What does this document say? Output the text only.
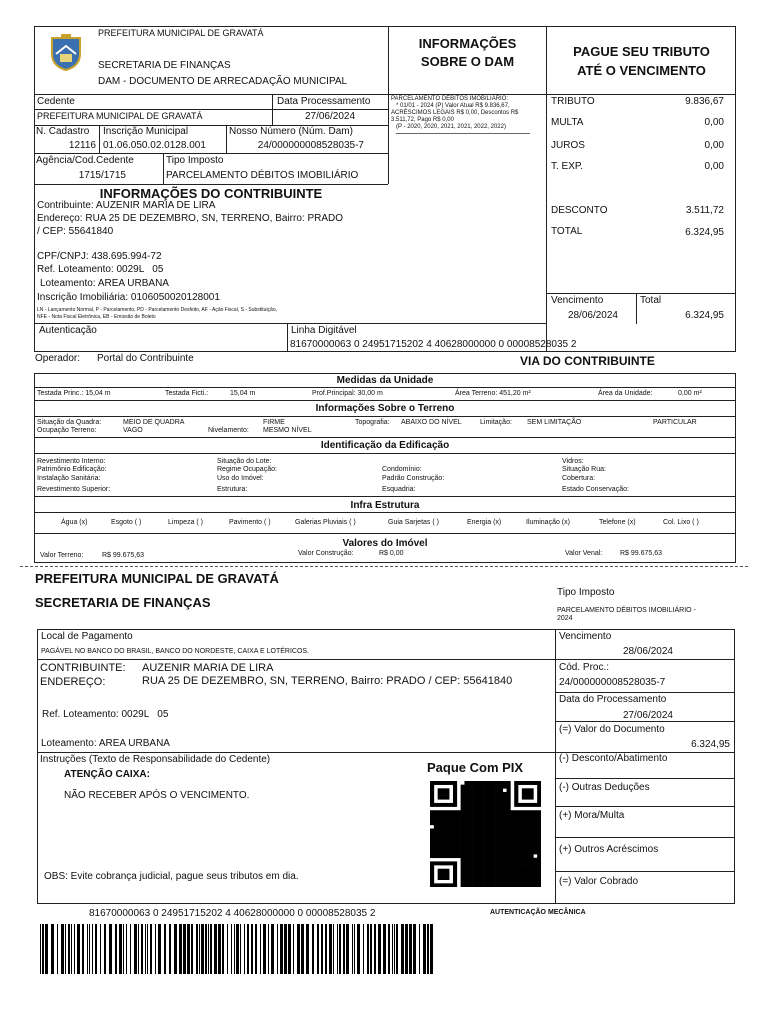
PREFEITURA MUNICIPAL DE GRAVATÁ
SECRETARIA DE FINANÇAS
DAM - DOCUMENTO DE ARRECADAÇÃO MUNICIPAL
INFORMAÇÕES
SOBRE O DAM
PAGUE SEU TRIBUTO
ATÉ O VENCIMENTO
Cedente
PREFEITURA MUNICIPAL DE GRAVATÁ
Data Processamento
27/06/2024
N. Cadastro
12116
Inscrição Municipal
01.06.050.02.0128.001
Nosso Número (Núm. Dam)
24/000000008528035-7
Agência/Cod.Cedente
1715/1715
Tipo Imposto
PARCELAMENTO DÉBITOS IMOBILIÁRIO
PARCELAMENTO DÉBITOS IMOBILIÁRIO:
* 01/01 - 2024 (P) Valor Atual R$ 9.836,67,
ACRÉSCIMOS LEGAIS R$ 0,00, Descontos R$
3.511,72, Pago R$ 0,00
(P - 2020, 2020, 2021, 2021, 2022, 2022)
TRIBUTO	9.836,67
MULTA	0,00
JUROS	0,00
T. EXP.	0,00
DESCONTO	3.511,72
TOTAL	6.324,95
Vencimento
28/06/2024
Total
6.324,95
INFORMAÇÕES DO CONTRIBUINTE
Contribuinte: AUZENIR MARIA DE LIRA
Endereço: RUA 25 DE DEZEMBRO, SN, TERRENO, Bairro: PRADO
/ CEP: 55641840
CPF/CNPJ: 438.695.994-72
Ref. Loteamento: 0029L   05
Loteamento: AREA URBANA
Inscrição Imobiliária: 0106050020128001
LN - Lançamento Normal, P - Parcelamento, PD - Parcelamento Desfeito, AF - Ação Fiscal, S - Substituição,
NFE - Nota Fiscal Eletrônica, EB - Emissão de Boleto
Autenticação	Linha Digitável
81670000063 0 24951715202 4 40628000000 0 00008528035 2
Operador: Portal do Contribuinte	VIA DO CONTRIBUINTE
Medidas da Unidade
Testada Princ.: 15,04 m	Testada Ficti.:	15,04 m	Prof.Principal: 30,00 m	Área Terreno: 451,20 m²	Área da Unidade:	0,00 m²
Informações Sobre o Terreno
Situação da Quadra:	MEIO DE QUADRA
Ocupação Terreno:	VAGO
FIRME
Nivelamento: MESMO NÍVEL
Topografia: ABAIXO DO NÍVEL	Limitação: SEM LIMITAÇÃO	PARTICULAR
Identificação da Edificação
Revestimento Interno:
Patrimônio Edificação:
Instalação Sanitária:
Revestimento Superior:
Situação do Lote:
Regime Ocupação:
Uso do Imóvel:
Estrutura:
Condomínio:
Padrão Construção:
Esquadria:
Vidros:
Situação Rua:
Cobertura:
Estado Conservação:
Infra Estrutura
Água (x)	Esgoto ( )	Limpeza ( )	Pavimento ( )	Galerias Pluviais ( )	Guia Sarjetas ( )	Energia (x)	Iluminação (x)	Telefone (x)	Col. Lixo ( )
Valores do Imóvel
Valor Terreno:	R$ 99.675,63	Valor Construção:	R$ 0,00	Valor Venal:	R$ 99.675,63
PREFEITURA MUNICIPAL DE GRAVATÁ
SECRETARIA DE FINANÇAS
Tipo Imposto
PARCELAMENTO DÉBITOS IMOBILIÁRIO -
2024
Local de Pagamento
PAGÁVEL NO BANCO DO BRASIL, BANCO DO NORDESTE, CAIXA E LOTÉRICOS.
CONTRIBUINTE: AUZENIR MARIA DE LIRA
ENDEREÇO:	RUA 25 DE DEZEMBRO, SN, TERRENO, Bairro: PRADO / CEP: 55641840
Ref. Loteamento: 0029L   05
Loteamento: AREA URBANA
Instruções (Texto de Responsabilidade do Cedente)
ATENÇÃO CAIXA:
NÃO RECEBER APÓS O VENCIMENTO.
OBS: Evite cobrança judicial, pague seus tributos em dia.
Paque Com PIX
Vencimento
28/06/2024
Cód. Proc.:
24/000000008528035-7
Data do Processamento
27/06/2024
(=) Valor do Documento
6.324,95
(-) Desconto/Abatimento
(-) Outras Deduções
(+) Mora/Multa
(+) Outros Acréscimos
(=) Valor Cobrado
81670000063 0 24951715202 4 40628000000 0 00008528035 2	AUTENTICAÇÃO MECÂNICA
